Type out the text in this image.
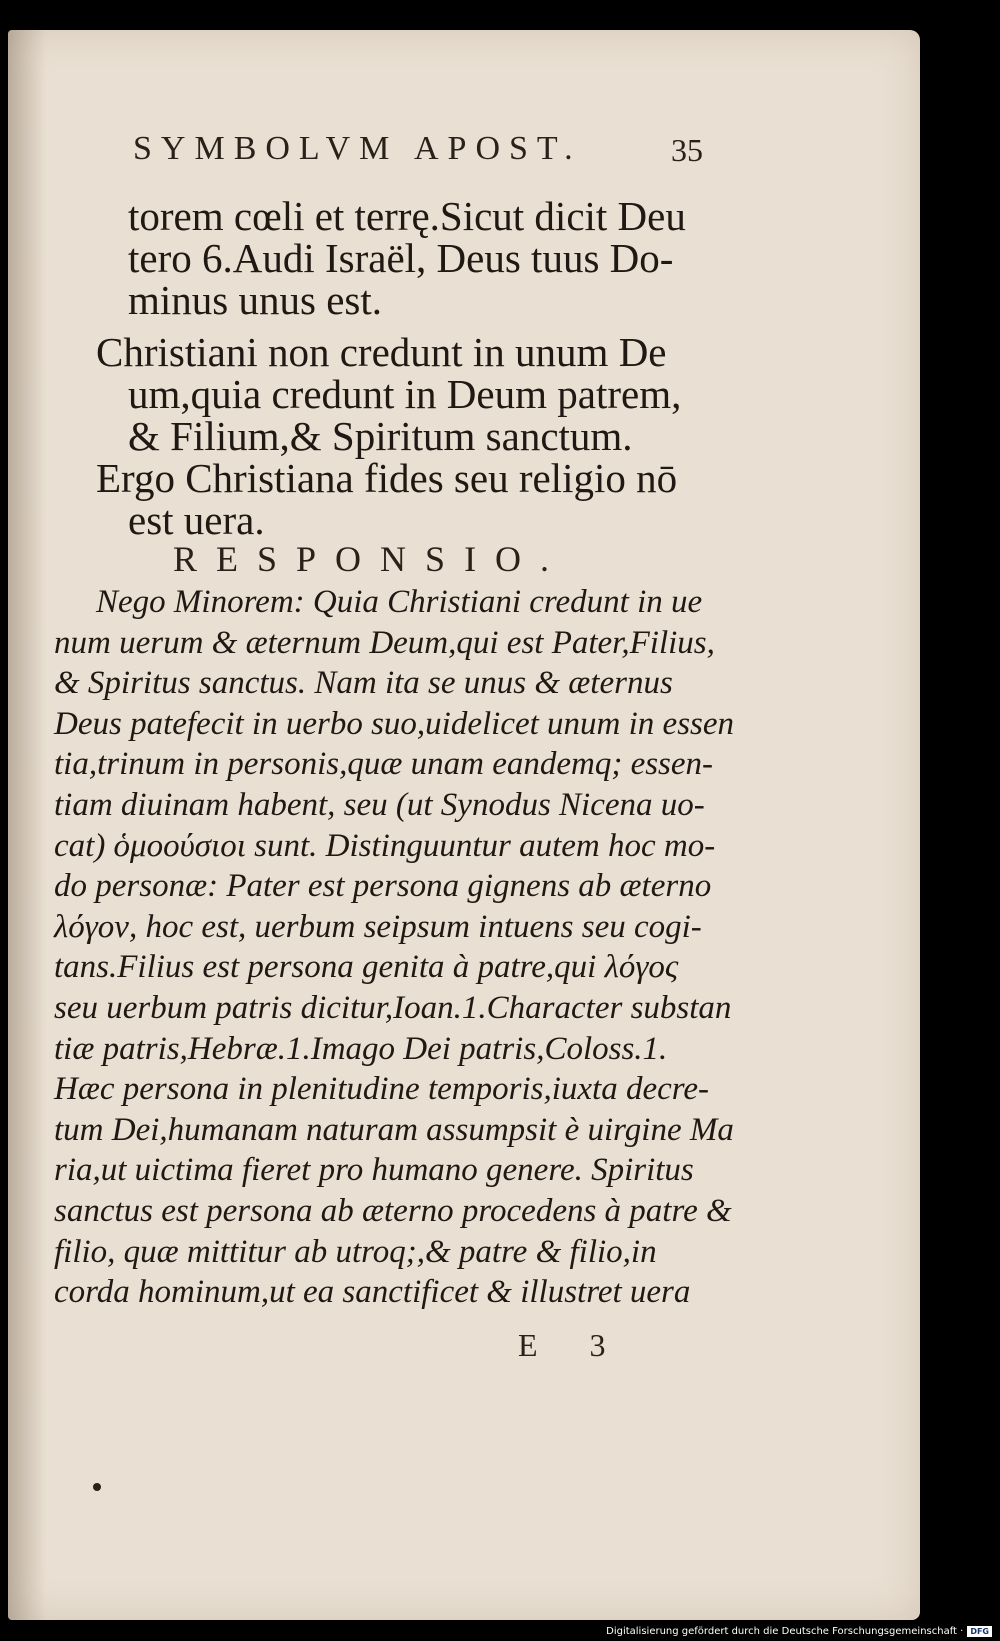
SYMBOLVM APOST.	35
torem cœli et terrę.Sicut dicit Deu
tero 6.Audi Israël, Deus tuus Do-
minus unus est.
Christiani non credunt in unum De
um,quia credunt in Deum patrem,
& Filium,& Spiritum sanctum.
Ergo Christiana fides seu religio nō
est uera.
RESPONSIO.
Nego Minorem: Quia Christiani credunt in ue
num uerum & æternum Deum,qui est Pater,Filius,
& Spiritus sanctus. Nam ita se unus & æternus
Deus patefecit in uerbo suo,uidelicet unum in essen
tia,trinum in personis,quæ unam eandemq; essen-
tiam diuinam habent, seu (ut Synodus Nicena uo-
cat) ὁμοούσιοι sunt. Distinguuntur autem hoc mo-
do personæ: Pater est persona gignens ab æterno
λόγον, hoc est, uerbum seipsum intuens seu cogi-
tans.Filius est persona genita à patre,qui λόγος
seu uerbum patris dicitur,Ioan.1.Character substan
tiæ patris,Hebræ.1.Imago Dei patris,Coloss.1.
Hæc persona in plenitudine temporis,iuxta decre-
tum Dei,humanam naturam assumpsit è uirgine Ma
ria,ut uictima fieret pro humano genere. Spiritus
sanctus est persona ab æterno procedens à patre &
filio, quæ mittitur ab utroq;,& patre & filio,in
corda hominum,ut ea sanctificet & illustret uera
E 3
Digitalisierung gefördert durch die Deutsche Forschungsgemeinschaft · DFG
